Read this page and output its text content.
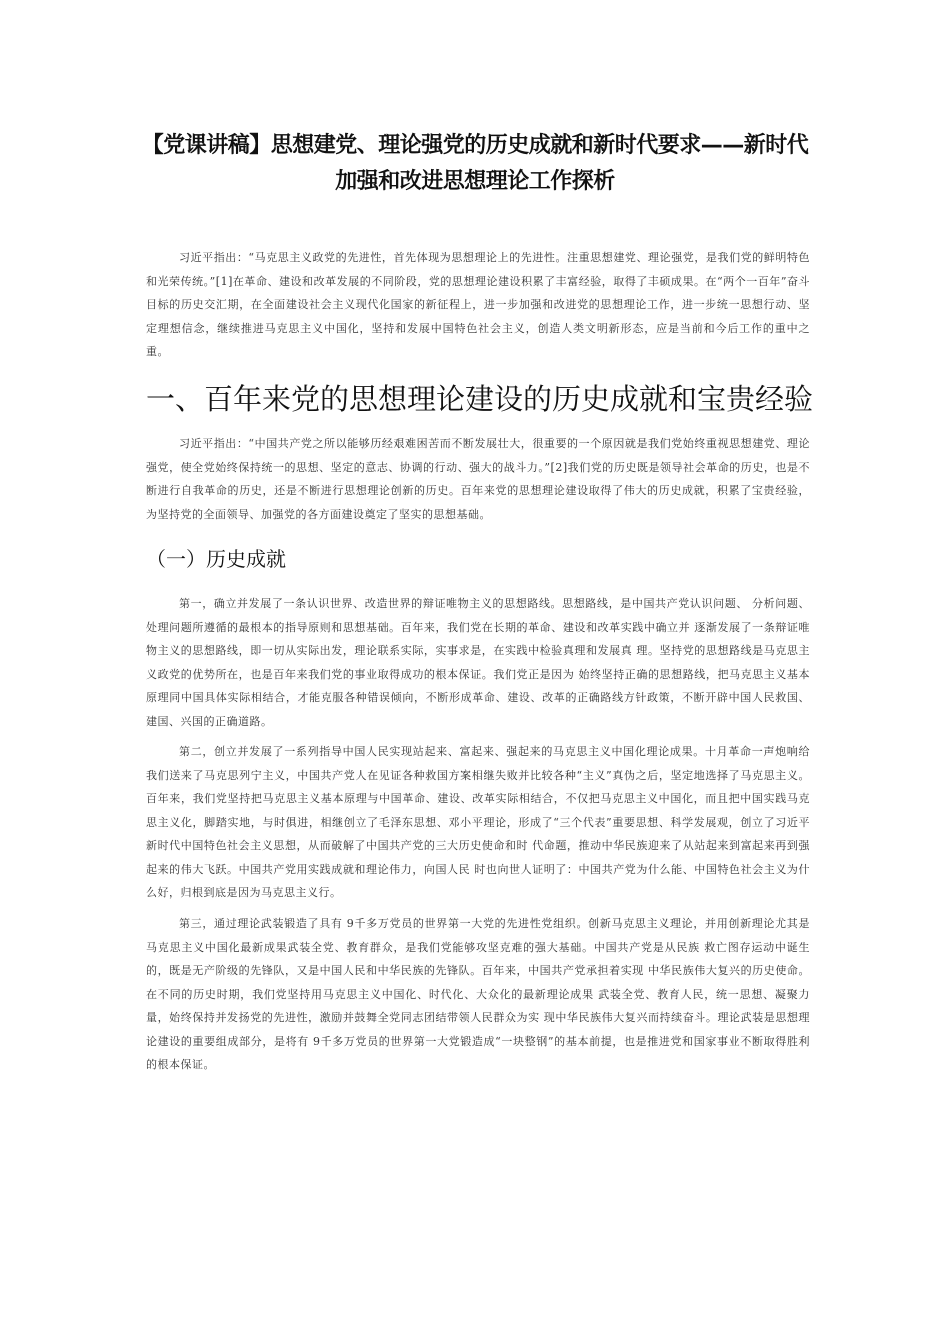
【党课讲稿】思想建党、理论强党的历史成就和新时代要求——新时代加强和改进思想理论工作探析

习近平指出：“马克思主义政党的先进性，首先体现为思想理论上的先进性。注重思想建党、理论强党，是我们党的鲜明特色和光荣传统。”[1]在革命、建设和改革发展的不同阶段，党的思想理论建设积累了丰富经验，取得了丰硕成果。在“两个一百年”奋斗目标的历史交汇期，在全面建设社会主义现代化国家的新征程上，进一步加强和改进党的思想理论工作，进一步统一思想行动、坚定理想信念，继续推进马克思主义中国化，坚持和发展中国特色社会主义，创造人类文明新形态，应是当前和今后工作的重中之重。

一、百年来党的思想理论建设的历史成就和宝贵经验

习近平指出：“中国共产党之所以能够历经艰难困苦而不断发展壮大，很重要的一个原因就是我们党始终重视思想建党、理论强党，使全党始终保持统一的思想、坚定的意志、协调的行动、强大的战斗力。”[2]我们党的历史既是领导社会革命的历史，也是不断进行自我革命的历史，还是不断进行思想理论创新的历史。百年来党的思想理论建设取得了伟大的历史成就，积累了宝贵经验，为坚持党的全面领导、加强党的各方面建设奠定了坚实的思想基础。

（一）历史成就

第一，确立并发展了一条认识世界、改造世界的辩证唯物主义的思想路线。思想路线，是中国共产党认识问题、 分析问题、处理问题所遵循的最根本的指导原则和思想基础。百年来，我们党在长期的革命、建设和改革实践中确立并 逐渐发展了一条辩证唯物主义的思想路线，即一切从实际出发，理论联系实际，实事求是，在实践中检验真理和发展真 理。坚持党的思想路线是马克思主义政党的优势所在，也是百年来我们党的事业取得成功的根本保证。我们党正是因为 始终坚持正确的思想路线，把马克思主义基本原理同中国具体实际相结合，才能克服各种错误倾向，不断形成革命、建设、改革的正确路线方针政策，不断开辟中国人民救国、建国、兴国的正确道路。

第二，创立并发展了一系列指导中国人民实现站起来、富起来、强起来的马克思主义中国化理论成果。十月革命一声炮响给我们送来了马克思列宁主义，中国共产党人在见证各种救国方案相继失败并比较各种“主义”真伪之后，坚定地选择了马克思主义。百年来，我们党坚持把马克思主义基本原理与中国革命、建设、改革实际相结合，不仅把马克思主义中国化，而且把中国实践马克思主义化，脚踏实地，与时俱进，相继创立了毛泽东思想、邓小平理论，形成了“三个代表”重要思想、科学发展观，创立了习近平新时代中国特色社会主义思想，从而破解了中国共产党的三大历史使命和时 代命题，推动中华民族迎来了从站起来到富起来再到强起来的伟大飞跃。中国共产党用实践成就和理论伟力，向国人民 时也向世人证明了：中国共产党为什么能、中国特色社会主义为什么好，归根到底是因为马克思主义行。

第三，通过理论武装锻造了具有 9千多万党员的世界第一大党的先进性党组织。创新马克思主义理论，并用创新理论尤其是马克思主义中国化最新成果武装全党、教育群众，是我们党能够攻坚克难的强大基础。中国共产党是从民族 救亡图存运动中诞生的，既是无产阶级的先锋队，又是中国人民和中华民族的先锋队。百年来，中国共产党承担着实现 中华民族伟大复兴的历史使命。在不同的历史时期，我们党坚持用马克思主义中国化、时代化、大众化的最新理论成果 武装全党、教育人民，统一思想、凝聚力量，始终保持并发扬党的先进性，激励并鼓舞全党同志团结带领人民群众为实 现中华民族伟大复兴而持续奋斗。理论武装是思想理论建设的重要组成部分，是将有 9千多万党员的世界第一大党锻造成“一块整钢”的基本前提，也是推进党和国家事业不断取得胜利的根本保证。
